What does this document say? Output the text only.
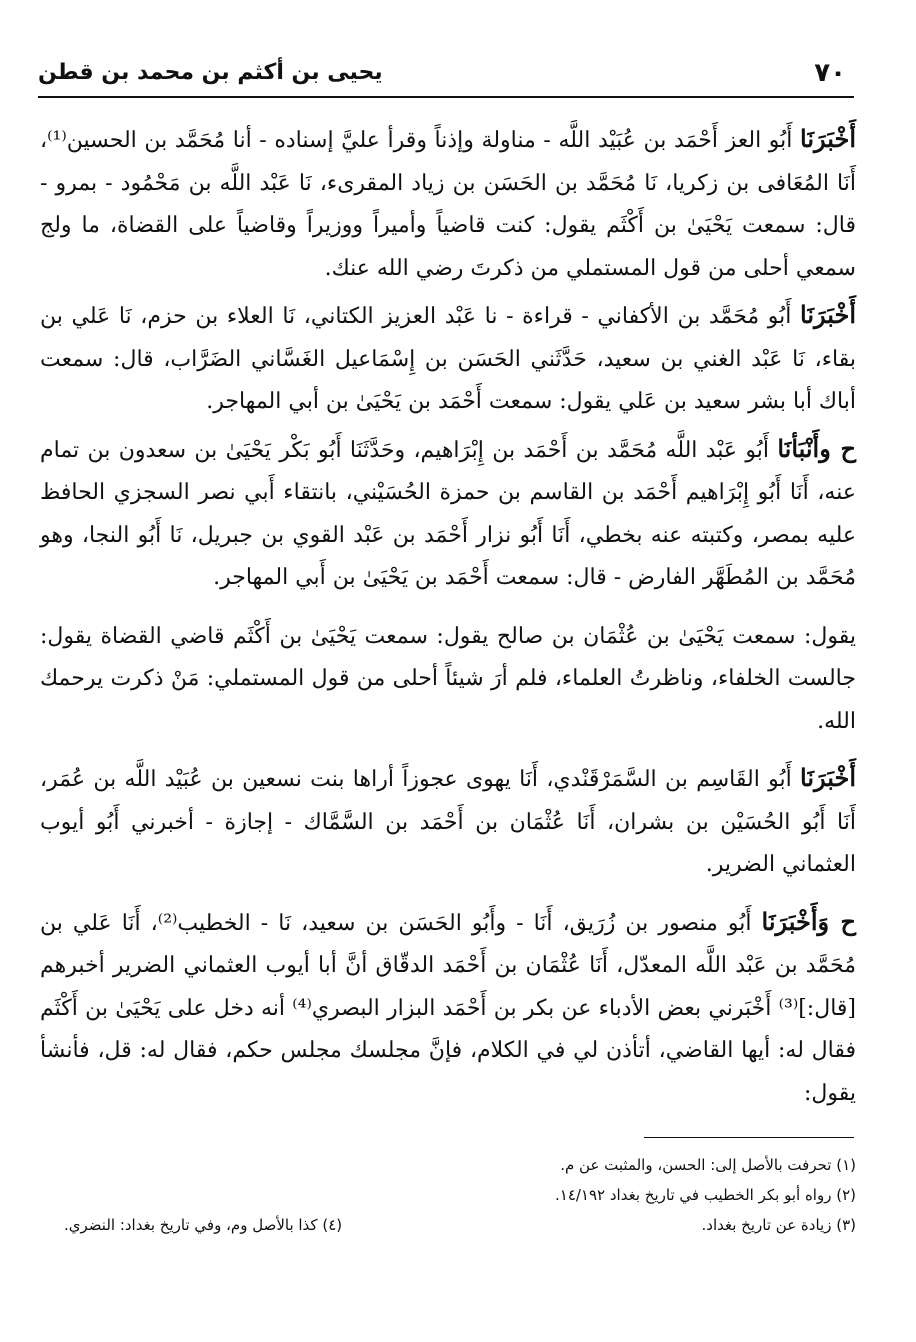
٧٠
يحيى بن أكثم بن محمد بن قطن

أَخْبَرَنَا أَبُو العز أَحْمَد بن عُبَيْد اللَّه - مناولة وإذناً وقرأ عليَّ إسناده - أنا مُحَمَّد بن الحسين⁽¹⁾، أَنَا المُعَافى بن زكريا، نَا مُحَمَّد بن الحَسَن بن زياد المقرىء، نَا عَبْد اللَّه بن مَحْمُود - بمرو - قال: سمعت يَحْيَىٰ بن أَكْثَم يقول: كنت قاضياً وأميراً ووزيراً وقاضياً على القضاة، ما ولج سمعي أحلى من قول المستملي من ذكرتَ رضي الله عنك.

أَخْبَرَنَا أَبُو مُحَمَّد بن الأكفاني - قراءة - نا عَبْد العزيز الكتاني، نَا العلاء بن حزم، نَا عَلي بن بقاء، نَا عَبْد الغني بن سعيد، حَدَّثَني الحَسَن بن إِسْمَاعيل الغَسَّاني الضَرَّاب، قال: سمعت أباك أبا بشر سعيد بن عَلي يقول: سمعت أَحْمَد بن يَحْيَىٰ بن أبي المهاجر.

ح وأَنْبَأنَا أَبُو عَبْد اللَّه مُحَمَّد بن أَحْمَد بن إِبْرَاهيم، وحَدَّثَنَا أَبُو بَكْر يَحْيَىٰ بن سعدون بن تمام عنه، أَنَا أَبُو إِبْرَاهيم أَحْمَد بن القاسم بن حمزة الحُسَيْني، بانتقاء أَبي نصر السجزي الحافظ عليه بمصر، وكتبته عنه بخطي، أَنَا أَبُو نزار أَحْمَد بن عَبْد القوي بن جبريل، نَا أَبُو النجا، وهو مُحَمَّد بن المُطَهَّر الفارض - قال: سمعت أَحْمَد بن يَحْيَىٰ بن أَبي المهاجر.

يقول: سمعت يَحْيَىٰ بن عُثْمَان بن صالح يقول: سمعت يَحْيَىٰ بن أَكْثَم قاضي القضاة يقول: جالست الخلفاء، وناظرتُ العلماء، فلم أرَ شيئاً أحلى من قول المستملي: مَنْ ذكرت يرحمك الله.

أَخْبَرَنَا أَبُو القَاسِم بن السَّمَرْقَنْدي، أَنَا يهوى عجوزاً أراها بنت نسعين بن عُبَيْد اللَّه بن عُمَر، أَنَا أَبُو الحُسَيْن بن بشران، أَنَا عُثْمَان بن أَحْمَد بن السَّمَّاك - إجازة - أخبرني أَبُو أيوب العثماني الضرير.

ح وَأَخْبَرَنَا أَبُو منصور بن زُرَيق، أَنَا - وأَبُو الحَسَن بن سعيد، نَا - الخطيب⁽²⁾، أَنَا عَلي بن مُحَمَّد بن عَبْد اللَّه المعدّل، أَنَا عُثْمَان بن أَحْمَد الدقّاق أنَّ أبا أيوب العثماني الضرير أخبرهم [قال:]⁽³⁾ أَخْبَرني بعض الأدباء عن بكر بن أَحْمَد البزار البصري⁽⁴⁾ أنه دخل على يَحْيَىٰ بن أَكْثَم فقال له: أيها القاضي، أتأذن لي في الكلام، فإنَّ مجلسك مجلس حكم، فقال له: قل، فأنشأ يقول:

(١) تحرفت بالأصل إلى: الحسن، والمثبت عن م.
(٢) رواه أبو بكر الخطيب في تاريخ بغداد ١٤/١٩٢.
(٣) زيادة عن تاريخ بغداد.
(٤) كذا بالأصل وم، وفي تاريخ بغداد: النضري.
